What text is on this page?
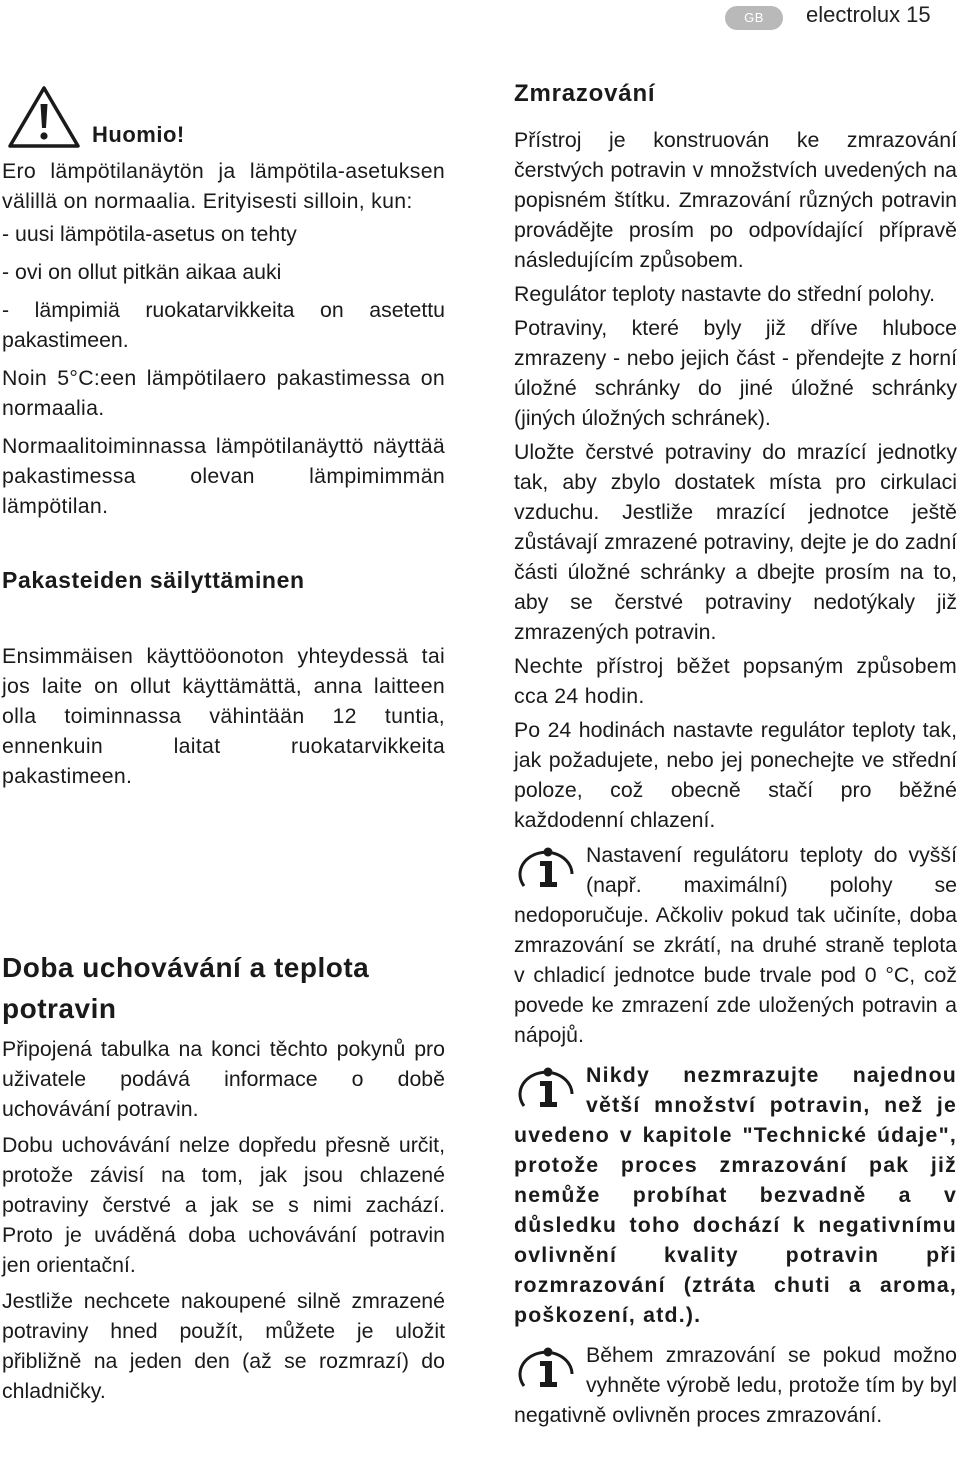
GB	electrolux 15
Huomio!

Ero lämpötilanäytön ja lämpötila-asetuksen välillä on normaalia. Erityisesti silloin, kun:

- uusi lämpötila-asetus on tehty

- ovi on ollut pitkän aikaa auki

- lämpimiä ruokatarvikkeita on asetettu pakastimeen.

Noin 5°C:een lämpötilaero pakastimessa on normaalia.

Normaalitoiminnassa lämpötilanäyttö näyttää pakastimessa olevan lämpimimmän lämpötilan.

Pakasteiden säilyttäminen

Ensimmäisen käyttööonoton yhteydessä tai jos laite on ollut käyttämättä, anna laitteen olla toiminnassa vähintään 12 tuntia, ennenkuin laitat ruokatarvikkeita pakastimeen.

Doba uchovávání a teplota potravin

Připojená tabulka na konci těchto pokynů pro uživatele podává informace o době uchovávání potravin.

Dobu uchovávání nelze dopředu přesně určit, protože závisí na tom, jak jsou chlazené potraviny čerstvé a jak se s nimi zachází. Proto je uváděná doba uchovávání potravin jen orientační.

Jestliže nechcete nakoupené silně zmrazené potraviny hned použít, můžete je uložit přibližně na jeden den (až se rozmrazí) do chladničky.

Zmrazování

Přístroj je konstruován ke zmrazování čerstvých potravin v množstvích uvedených na popisném štítku. Zmrazování různých potravin provádějte prosím po odpovídající přípravě následujícím způsobem.

Regulátor teploty nastavte do střední polohy.

Potraviny, které byly již dříve hluboce zmrazeny - nebo jejich část - přendejte z horní úložné schránky do jiné úložné schránky (jiných úložných schránek).

Uložte čerstvé potraviny do mrazící jednotky tak, aby zbylo dostatek místa pro cirkulaci vzduchu. Jestliže mrazící jednotce ještě zůstávají zmrazené potraviny, dejte je do zadní části úložné schránky a dbejte prosím na to, aby se čerstvé potraviny nedotýkaly již zmrazených potravin.

Nechte přístroj běžet popsaným způsobem cca 24 hodin.

Po 24 hodinách nastavte regulátor teploty tak, jak požadujete, nebo jej ponechejte ve střední poloze, což obecně stačí pro běžné každodenní chlazení.

Nastavení regulátoru teploty do vyšší (např. maximální) polohy se nedoporučuje. Ačkoliv pokud tak učiníte, doba zmrazování se zkrátí, na druhé straně teplota v chladicí jednotce bude trvale pod 0 °C, což povede ke zmrazení zde uložených potravin a nápojů.

Nikdy nezmrazujte najednou větší množství potravin, než je uvedeno v kapitole "Technické údaje", protože proces zmrazování pak již nemůže probíhat bezvadně a v důsledku toho dochází k negativnímu ovlivnění kvality potravin při rozmrazování (ztráta chuti a aroma, poškození, atd.).

Během zmrazování se pokud možno vyhněte výrobě ledu, protože tím by byl negativně ovlivněn proces zmrazování.
